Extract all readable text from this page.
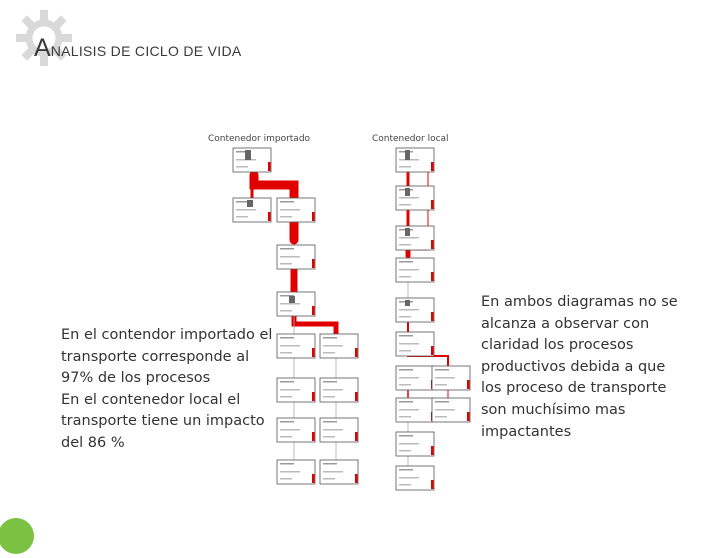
ANALISIS DE CICLO DE VIDA
Contenedor importado	Contenedor local
En el contendor importado el transporte corresponde al 97% de los procesos
En el contenedor local el transporte tiene un impacto del 86 %
En ambos diagramas no se alcanza a observar con claridad los procesos productivos debida a que los proceso de transporte son muchísimo mas impactantes
